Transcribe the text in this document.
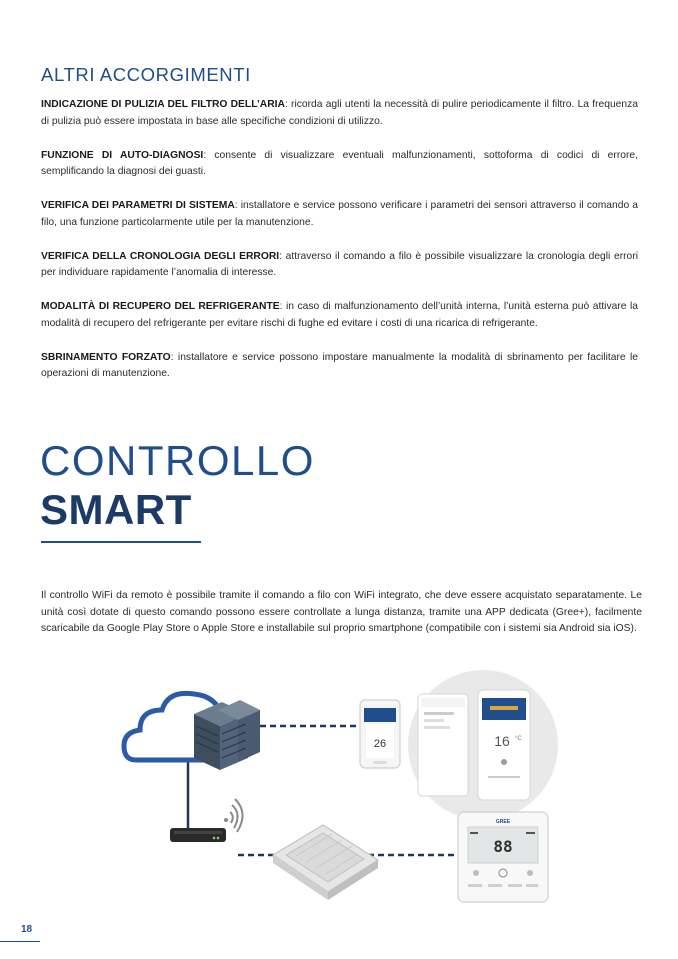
ALTRI ACCORGIMENTI

INDICAZIONE DI PULIZIA DEL FILTRO DELL’ARIA: ricorda agli utenti la necessità di pulire periodicamente il filtro. La frequenza di pulizia può essere impostata in base alle specifiche condizioni di utilizzo.

FUNZIONE DI AUTO-DIAGNOSI: consente di visualizzare eventuali malfunzionamenti, sottoforma di codici di errore, semplificando la diagnosi dei guasti.

VERIFICA DEI PARAMETRI DI SISTEMA: installatore e service possono verificare i parametri dei sensori attraverso il comando a filo, una funzione particolarmente utile per la manutenzione.

VERIFICA DELLA CRONOLOGIA DEGLI ERRORI: attraverso il comando a filo è possibile visualizzare la cronologia degli errori per individuare rapidamente l’anomalia di interesse.

MODALITÀ DI RECUPERO DEL REFRIGERANTE: in caso di malfunzionamento dell’unità interna, l’unità esterna può attivare la modalità di recupero del refrigerante per evitare rischi di fughe ed evitare i costi di una ricarica di refrigerante.

SBRINAMENTO FORZATO: installatore e service possono impostare manualmente la modalità di sbrinamento per facilitare le operazioni di manutenzione.

CONTROLLO
SMART

Il controllo WiFi da remoto è possibile tramite il comando a filo con WiFi integrato, che deve essere acquistato separatamente. Le unità così dotate di questo comando possono essere controllate a lunga distanza, tramite una APP dedicata (Gree+), facilmente scaricabile da Google Play Store o Apple Store e installabile sul proprio smartphone (compatibile con i sistemi sia Android sia iOS).

26	16 °C
GREE
88
18
